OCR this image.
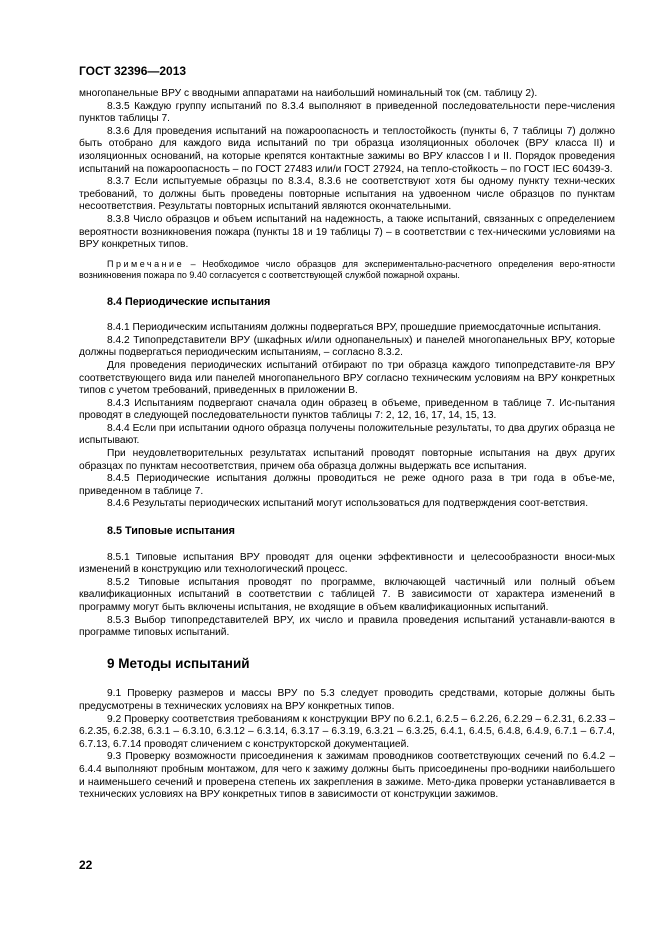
ГОСТ 32396—2013

многопанельные ВРУ с вводными аппаратами на наибольший номинальный ток (см. таблицу 2).

8.3.5 Каждую группу испытаний по 8.3.4 выполняют в приведенной последовательности пере-числения пунктов таблицы 7.

8.3.6 Для проведения испытаний на пожароопасность и теплостойкость (пункты 6, 7 таблицы 7) должно быть отобрано для каждого вида испытаний по три образца изоляционных оболочек (ВРУ класса II) и изоляционных оснований, на которые крепятся контактные зажимы во ВРУ классов I и II. Порядок проведения испытаний на пожароопасность – по ГОСТ 27483 или/и ГОСТ 27924, на тепло-стойкость – по ГОСТ IEC 60439-3.

8.3.7 Если испытуемые образцы по 8.3.4, 8.3.6 не соответствуют хотя бы одному пункту техни-ческих требований, то должны быть проведены повторные испытания на удвоенном числе образцов по пунктам несоответствия. Результаты повторных испытаний являются окончательными.

8.3.8 Число образцов и объем испытаний на надежность, а также испытаний, связанных с определением вероятности возникновения пожара (пункты 18 и 19 таблицы 7) – в соответствии с тех-ническими условиями на ВРУ конкретных типов.

Примечание – Необходимое число образцов для экспериментально-расчетного определения веро-ятности возникновения пожара по 9.40 согласуется с соответствующей службой пожарной охраны.

8.4 Периодические испытания

8.4.1 Периодическим испытаниям должны подвергаться ВРУ, прошедшие приемосдаточные испытания.

8.4.2 Типопредставители ВРУ (шкафных и/или однопанельных) и панелей многопанельных ВРУ, которые должны подвергаться периодическим испытаниям, – согласно 8.3.2.

Для проведения периодических испытаний отбирают по три образца каждого типопредставите-ля ВРУ соответствующего вида или панелей многопанельного ВРУ согласно техническим условиям на ВРУ конкретных типов с учетом требований, приведенных в приложении В.

8.4.3 Испытаниям подвергают сначала один образец в объеме, приведенном в таблице 7. Ис-пытания проводят в следующей последовательности пунктов таблицы 7: 2, 12, 16, 17, 14, 15, 13.

8.4.4 Если при испытании одного образца получены положительные результаты, то два других образца не испытывают.

При неудовлетворительных результатах испытаний проводят повторные испытания на двух других образцах по пунктам несоответствия, причем оба образца должны выдержать все испытания.

8.4.5 Периодические испытания должны проводиться не реже одного раза в три года в объе-ме, приведенном в таблице 7.

8.4.6 Результаты периодических испытаний могут использоваться для подтверждения соот-ветствия.

8.5 Типовые испытания

8.5.1 Типовые испытания ВРУ проводят для оценки эффективности и целесообразности вноси-мых изменений в конструкцию или технологический процесс.

8.5.2 Типовые испытания проводят по программе, включающей частичный или полный объем квалификационных испытаний в соответствии с таблицей 7. В зависимости от характера изменений в программу могут быть включены испытания, не входящие в объем квалификационных испытаний.

8.5.3 Выбор типопредставителей ВРУ, их число и правила проведения испытаний устанавли-ваются в программе типовых испытаний.

9 Методы испытаний

9.1 Проверку размеров и массы ВРУ по 5.3 следует проводить средствами, которые должны быть предусмотрены в технических условиях на ВРУ конкретных типов.

9.2 Проверку соответствия требованиям к конструкции ВРУ по 6.2.1, 6.2.5 – 6.2.26, 6.2.29 – 6.2.31, 6.2.33 – 6.2.35, 6.2.38, 6.3.1 – 6.3.10, 6.3.12 – 6.3.14, 6.3.17 – 6.3.19, 6.3.21 – 6.3.25, 6.4.1, 6.4.5, 6.4.8, 6.4.9, 6.7.1 – 6.7.4, 6.7.13, 6.7.14 проводят сличением с конструкторской документацией.

9.3 Проверку возможности присоединения к зажимам проводников соответствующих сечений по 6.4.2 – 6.4.4 выполняют пробным монтажом, для чего к зажиму должны быть присоединены про-водники наибольшего и наименьшего сечений и проверена степень их закрепления в зажиме. Мето-дика проверки устанавливается в технических условиях на ВРУ конкретных типов в зависимости от конструкции зажимов.

22
